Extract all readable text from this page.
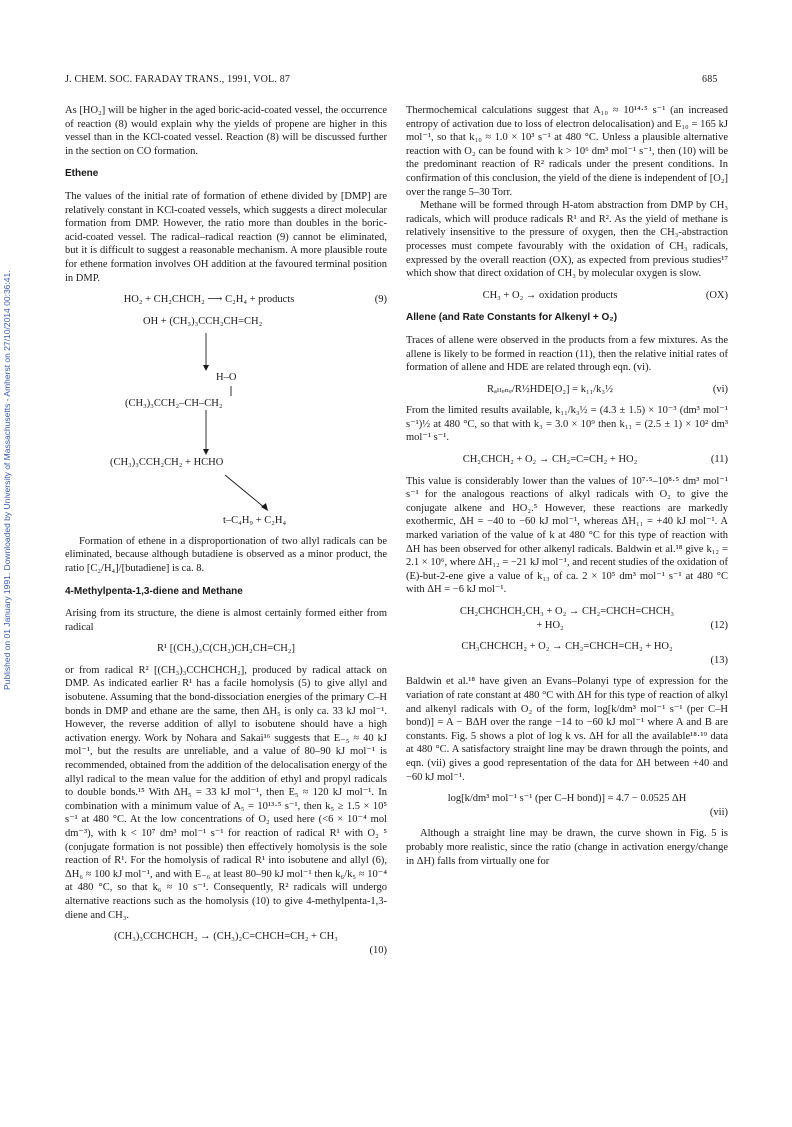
Published on 01 January 1991. Downloaded by University of Massachusetts - Amherst on 27/10/2014 00:36:41.
J. CHEM. SOC. FARADAY TRANS., 1991, VOL. 87	685

As [HO₂] will be higher in the aged boric-acid-coated vessel, the occurrence of reaction (8) would explain why the yields of propene are higher in this vessel than in the KCl-coated vessel. Reaction (8) will be discussed further in the section on CO formation.

Ethene

The values of the initial rate of formation of ethene divided by [DMP] are relatively constant in KCl-coated vessels, which suggests a direct molecular formation from DMP. However, the ratio more than doubles in the boric-acid-coated vessel. The radical–radical reaction (9) cannot be eliminated, but it is difficult to suggest a reasonable mechanism. A more plausible route for ethene formation involves OH addition at the favoured terminal position in DMP.

HO₂ + CH₂CHCH₂ ⟶ C₂H₄ + products	(9)
OH + (CH₃)₃CCH₂CH=CH₂
H–O
(CH₃)₃CCH₂–CH–CH₂
(CH₃)₃CCH₂CH₂ + HCHO
t–C₄H₉ + C₂H₄

Formation of ethene in a disproportionation of two allyl radicals can be eliminated, because although butadiene is observed as a minor product, the ratio [C₂/H₄]/[butadiene] is ca. 8.

4-Methylpenta-1,3-diene and Methane

Arising from its structure, the diene is almost certainly formed either from radical

R¹ [(CH₃)₃C(CH₂)CH₂CH=CH₂]

or from radical R² [(CH₃)₃CCHCHCH₂], produced by radical attack on DMP. As indicated earlier R¹ has a facile homolysis (5) to give allyl and isobutene. Assuming that the bond-dissociation energies of the primary C–H bonds in DMP and ethane are the same, then ΔH₅ is only ca. 33 kJ mol⁻¹. However, the reverse addition of allyl to isobutene should have a high activation energy. Work by Nohara and Sakai¹⁶ suggests that E₋₅ ≈ 40 kJ mol⁻¹, but the results are unreliable, and a value of 80–90 kJ mol⁻¹ is recommended, obtained from the addition of the delocalisation energy of the allyl radical to the mean value for the addition of ethyl and propyl radicals to double bonds.¹⁵ With ΔH₅ = 33 kJ mol⁻¹, then E₅ ≈ 120 kJ mol⁻¹. In combination with a minimum value of A₅ = 10¹³·⁵ s⁻¹, then k₅ ≥ 1.5 × 10⁵ s⁻¹ at 480 °C. At the low concentrations of O₂ used here (<6 × 10⁻⁴ mol dm⁻³), with k < 10⁷ dm³ mol⁻¹ s⁻¹ for reaction of radical R¹ with O₂ ⁵ (conjugate formation is not possible) then effectively homolysis is the sole reaction of R¹. For the homolysis of radical R¹ into isobutene and allyl (6), ΔH₆ ≈ 100 kJ mol⁻¹, and with E₋₆ at least 80–90 kJ mol⁻¹ then k₆/k₅ ≈ 10⁻⁴ at 480 °C, so that k₆ ≈ 10 s⁻¹. Consequently, R² radicals will undergo alternative reactions such as the homolysis (10) to give 4-methylpenta-1,3-diene and CH₃.

(CH₃)₃CCHCHCH₂ → (CH₃)₂C=CHCH=CH₂ + CH₃
(10)

Thermochemical calculations suggest that A₁₀ ≈ 10¹⁴·⁵ s⁻¹ (an increased entropy of activation due to loss of electron delocalisation) and E₁₀ = 165 kJ mol⁻¹, so that k₁₀ ≈ 1.0 × 10³ s⁻¹ at 480 °C. Unless a plausible alternative reaction with O₂ can be found with k > 10⁶ dm³ mol⁻¹ s⁻¹, then (10) will be the predominant reaction of R² radicals under the present conditions. In confirmation of this conclusion, the yield of the diene is independent of [O₂] over the range 5–30 Torr.

Methane will be formed through H-atom abstraction from DMP by CH₃ radicals, which will produce radicals R¹ and R². As the yield of methane is relatively insensitive to the pressure of oxygen, then the CH₃-abstraction processes must compete favourably with the oxidation of CH₃ radicals, expressed by the overall reaction (OX), as expected from previous studies¹⁷ which show that direct oxidation of CH₃ by molecular oxygen is slow.

CH₃ + O₂ → oxidation products	(OX)
Allene (and Rate Constants for Alkenyl + O₂)

Traces of allene were observed in the products from a few mixtures. As the allene is likely to be formed in reaction (11), then the relative initial rates of formation of allene and HDE are related through eqn. (vi).

Rₐₗₗₑₙₑ/R½HDE[O₂] = k₁₁/k₃½	(vi)

From the limited results available, k₁₁/k₃½ = (4.3 ± 1.5) × 10⁻³ (dm³ mol⁻¹ s⁻¹)½ at 480 °C, so that with k₃ = 3.0 × 10⁹ then k₁₁ = (2.5 ± 1) × 10² dm³ mol⁻¹ s⁻¹.

CH₂CHCH₂ + O₂ → CH₂=C=CH₂ + HO₂	(11)

This value is considerably lower than the values of 10⁷·⁵–10⁸·⁵ dm³ mol⁻¹ s⁻¹ for the analogous reactions of alkyl radicals with O₂ to give the conjugate alkene and HO₂.⁵ However, these reactions are markedly exothermic, ΔH = −40 to −60 kJ mol⁻¹, whereas ΔH₁₁ = +40 kJ mol⁻¹. A marked variation of the value of k at 480 °C for this type of reaction with ΔH has been observed for other alkenyl radicals. Baldwin et al.¹⁸ give k₁₂ = 2.1 × 10⁶, where ΔH₁₂ = −21 kJ mol⁻¹, and recent studies of the oxidation of (E)-but-2-ene give a value of k₁₃ of ca. 2 × 10⁵ dm³ mol⁻¹ s⁻¹ at 480 °C with ΔH = −6 kJ mol⁻¹.

CH₂CHCHCH₂CH₃ + O₂ → CH₂=CHCH=CHCH₃
+ HO₂	(12)
CH₃CHCHCH₂ + O₂ → CH₂=CHCH=CH₂ + HO₂
(13)

Baldwin et al.¹⁸ have given an Evans–Polanyi type of expression for the variation of rate constant at 480 °C with ΔH for this type of reaction of alkyl and alkenyl radicals with O₂ of the form, log[k/dm³ mol⁻¹ s⁻¹ (per C–H bond)] = A − BΔH over the range −14 to −60 kJ mol⁻¹ where A and B are constants. Fig. 5 shows a plot of log k vs. ΔH for all the available¹⁸·¹⁹ data at 480 °C. A satisfactory straight line may be drawn through the points, and eqn. (vii) gives a good representation of the data for ΔH between +40 and −60 kJ mol⁻¹.

log[k/dm³ mol⁻¹ s⁻¹ (per C–H bond)] = 4.7 − 0.0525 ΔH
(vii)

Although a straight line may be drawn, the curve shown in Fig. 5 is probably more realistic, since the ratio (change in activation energy/change in ΔH) falls from virtually one for
